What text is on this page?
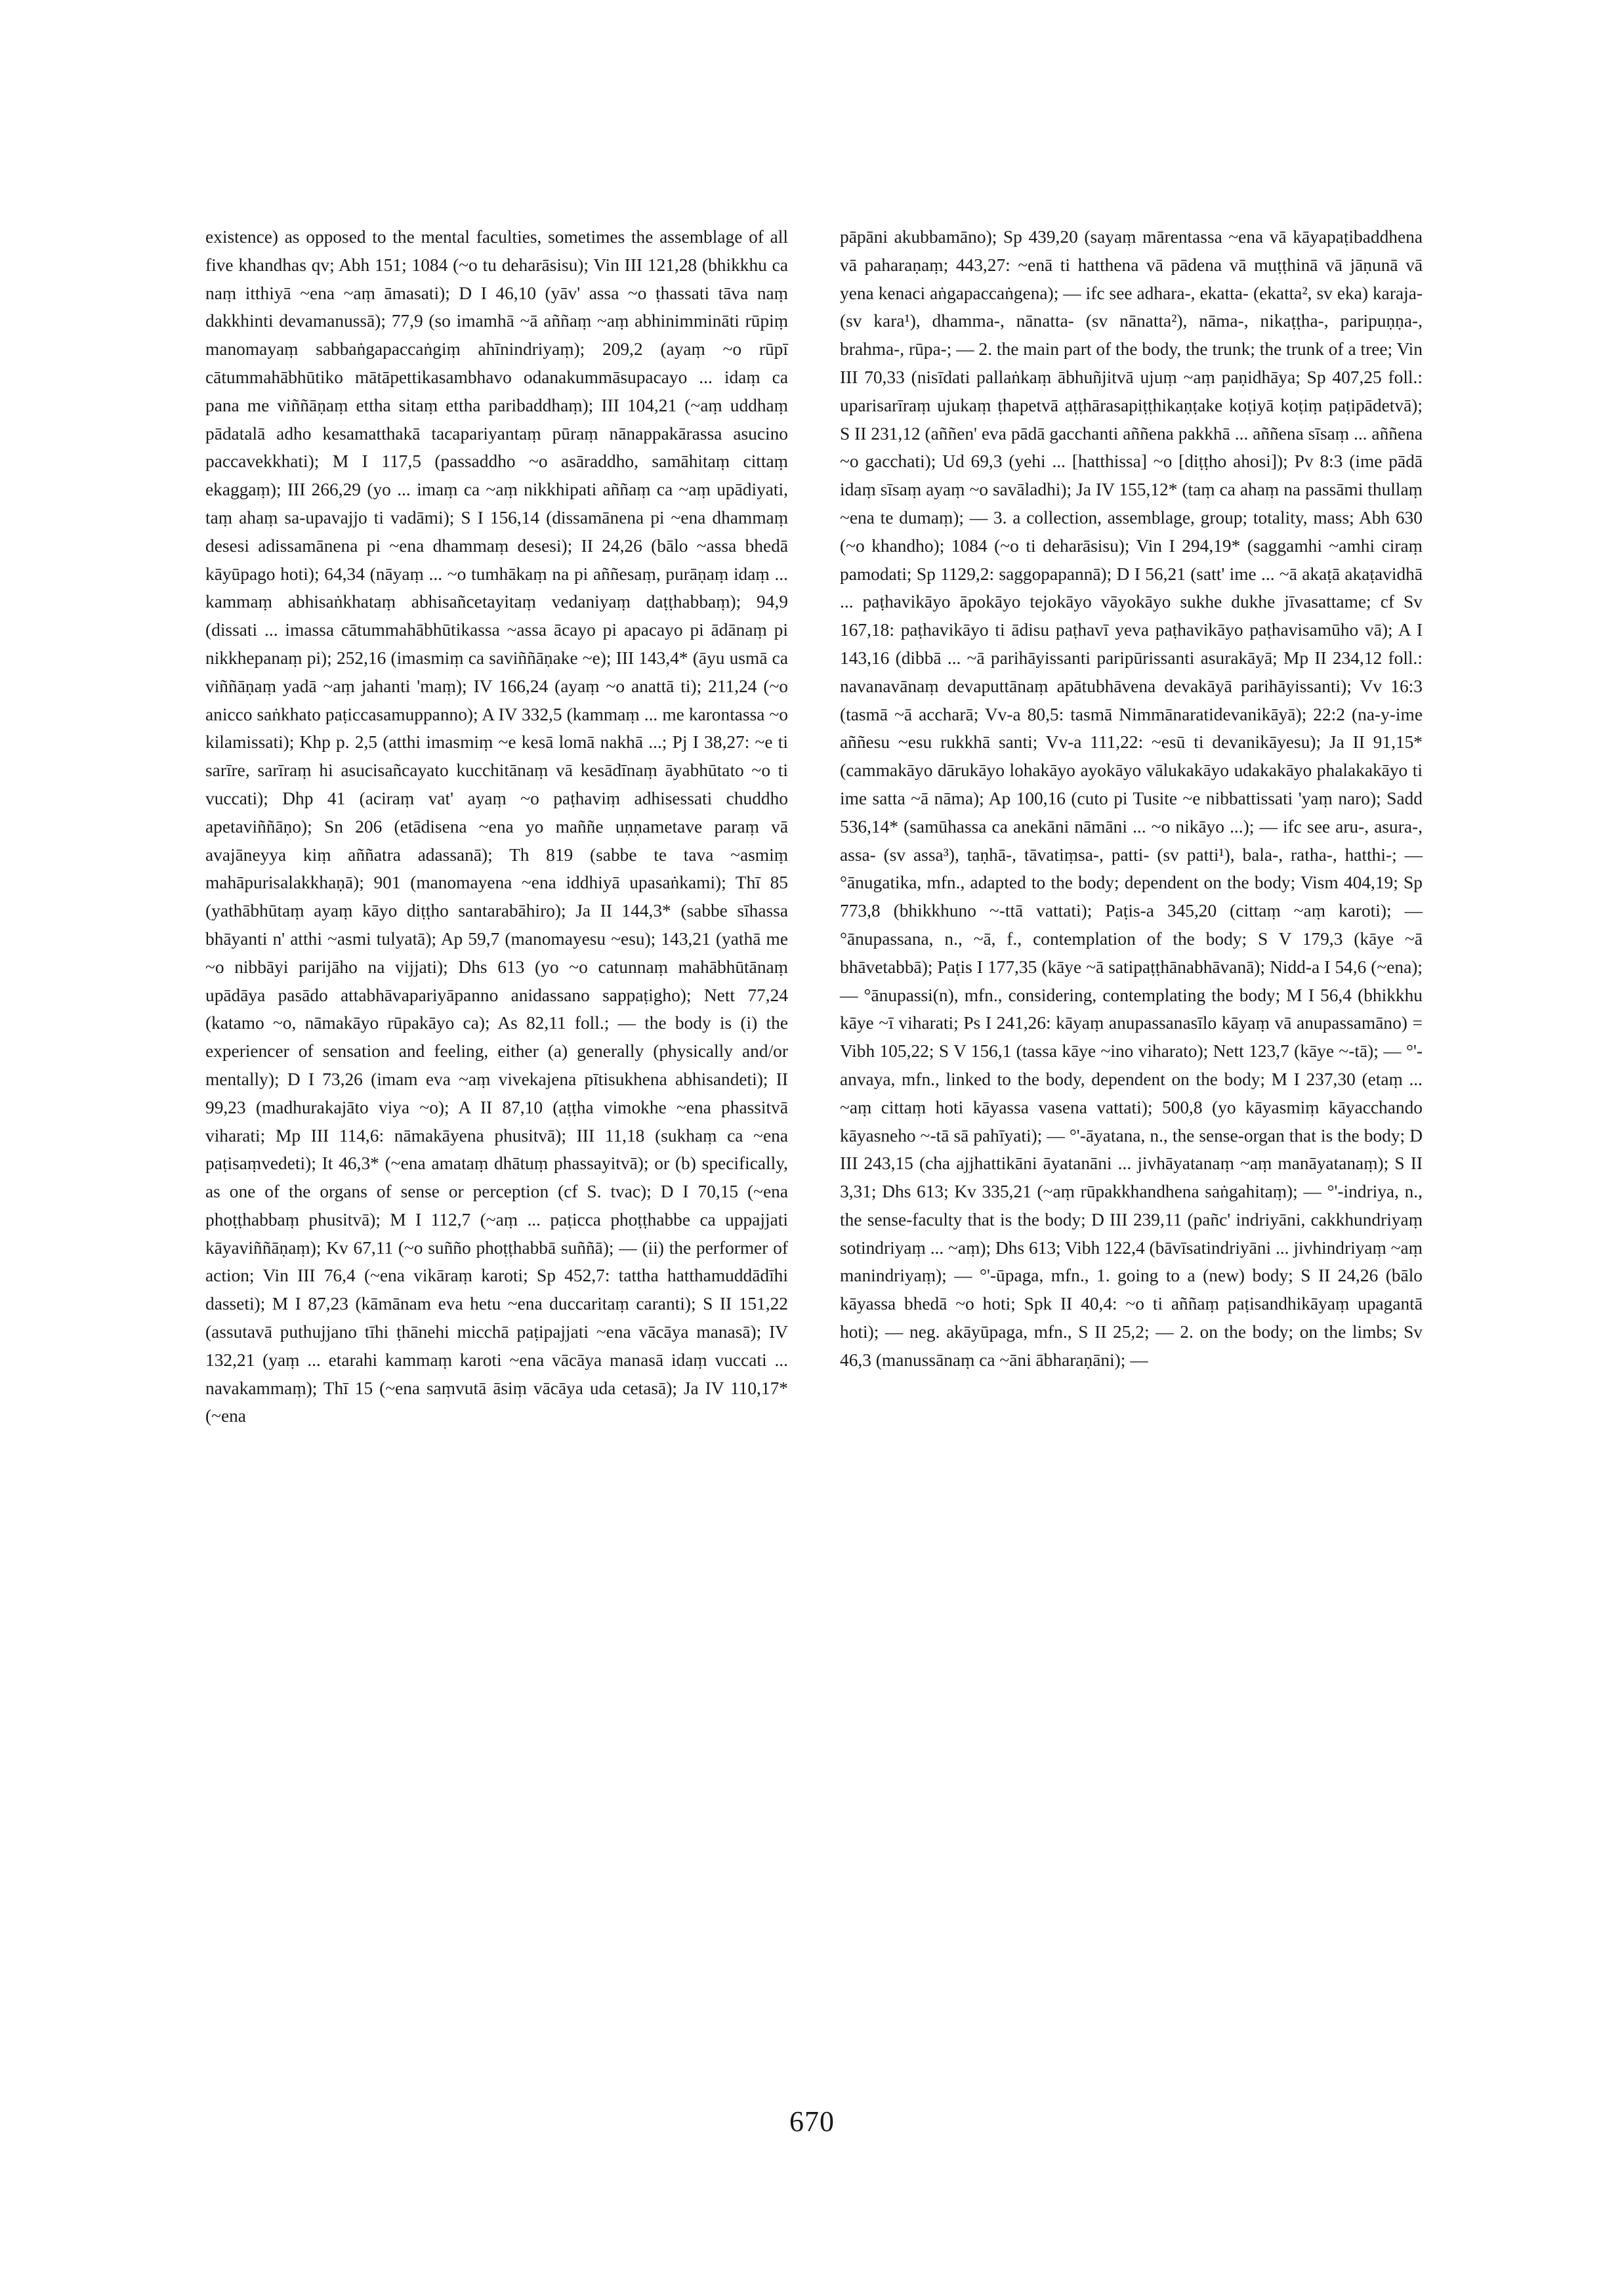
existence) as opposed to the mental faculties, sometimes the assemblage of all five khandhas qv; Abh 151; 1084 (~o tu deharāsisu); Vin III 121,28 (bhikkhu ca naṃ itthiyā ~ena ~aṃ āmasati); D I 46,10 (yāv' assa ~o ṭhassati tāva naṃ dakkhinti devamanussā); 77,9 (so imamhā ~ā aññaṃ ~aṃ abhinimmināti rūpiṃ manomayaṃ sabbaṅgapaccaṅgiṃ ahīnindriyaṃ); 209,2 (ayaṃ ~o rūpī cātummahābhūtiko mātāpettikasambhavo odanakummāsupacayo ... idaṃ ca pana me viññāṇaṃ ettha sitaṃ ettha paribaddhaṃ); III 104,21 (~aṃ uddhaṃ pādatalā adho kesamatthakā tacapariyantaṃ pūraṃ nānappakārassa asucino paccavekkhati); M I 117,5 (passaddho ~o asāraddho, samāhitaṃ cittaṃ ekaggaṃ); III 266,29 (yo ... imaṃ ca ~aṃ nikkhipati aññaṃ ca ~aṃ upādiyati, taṃ ahaṃ sa-upavajjo ti vadāmi); S I 156,14 (dissamānena pi ~ena dhammaṃ desesi adissamānena pi ~ena dhammaṃ desesi); II 24,26 (bālo ~assa bhedā kāyūpago hoti); 64,34 (nāyaṃ ... ~o tumhākaṃ na pi aññesaṃ, purāṇaṃ idaṃ ... kammaṃ abhisaṅkhataṃ abhisañcetayitaṃ vedaniyaṃ daṭṭhabbaṃ); 94,9 (dissati ... imassa cātummahābhūtikassa ~assa ācayo pi apacayo pi ādānaṃ pi nikkhepanaṃ pi); 252,16 (imasmiṃ ca saviññāṇake ~e); III 143,4* (āyu usmā ca viññāṇaṃ yadā ~aṃ jahanti 'maṃ); IV 166,24 (ayaṃ ~o anattā ti); 211,24 (~o anicco saṅkhato paṭiccasamuppanno); A IV 332,5 (kammaṃ ... me karontassa ~o kilamissati); Khp p. 2,5 (atthi imasmiṃ ~e kesā lomā nakhā ...; Pj I 38,27: ~e ti sarīre, sarīraṃ hi asucisañcayato kucchitānaṃ vā kesādīnaṃ āyabhūtato ~o ti vuccati); Dhp 41 (aciraṃ vat' ayaṃ ~o paṭhaviṃ adhisessati chuddho apetaviññāṇo); Sn 206 (etādisena ~ena yo maññe uṇṇametave paraṃ vā avajāneyya kiṃ aññatra adassanā); Th 819 (sabbe te tava ~asmiṃ mahāpurisalakkhaṇā); 901 (manomayena ~ena iddhiyā upasaṅkami); Thī 85 (yathābhūtaṃ ayaṃ kāyo diṭṭho santarabāhiro); Ja II 144,3* (sabbe sīhassa bhāyanti n' atthi ~asmi tulyatā); Ap 59,7 (manomayesu ~esu); 143,21 (yathā me ~o nibbāyi parijāho na vijjati); Dhs 613 (yo ~o catunnaṃ mahābhūtānaṃ upādāya pasādo attabhāvapariyāpanno anidassano sappaṭigho); Nett 77,24 (katamo ~o, nāmakāyo rūpakāyo ca); As 82,11 foll.; — the body is (i) the experiencer of sensation and feeling, either (a) generally (physically and/or mentally); D I 73,26 (imam eva ~aṃ vivekajena pītisukhena abhisandeti); II 99,23 (madhurakajāto viya ~o); A II 87,10 (aṭṭha vimokhe ~ena phassitvā viharati; Mp III 114,6: nāmakāyena phusitvā); III 11,18 (sukhaṃ ca ~ena paṭisaṃvedeti); It 46,3* (~ena amataṃ dhātuṃ phassayitvā); or (b) specifically, as one of the organs of sense or perception (cf S. tvac); D I 70,15 (~ena phoṭṭhabbaṃ phusitvā); M I 112,7 (~aṃ ... paṭicca phoṭṭhabbe ca uppajjati kāyaviññāṇaṃ); Kv 67,11 (~o suñño phoṭṭhabbā suññā); — (ii) the performer of action; Vin III 76,4 (~ena vikāraṃ karoti; Sp 452,7: tattha hatthamuddādīhi dasseti); M I 87,23 (kāmānam eva hetu ~ena duccaritaṃ caranti); S II 151,22 (assutavā puthujjano tīhi ṭhānehi micchā paṭipajjati ~ena vācāya manasā); IV 132,21 (yaṃ ... etarahi kammaṃ karoti ~ena vācāya manasā idaṃ vuccati ... navakammaṃ); Thī 15 (~ena saṃvutā āsiṃ vācāya uda cetasā); Ja IV 110,17* (~ena

pāpāni akubbamāno); Sp 439,20 (sayaṃ mārentassa ~ena vā kāyapaṭibaddhena vā paharaṇaṃ; 443,27: ~enā ti hatthena vā pādena vā muṭṭhinā vā jāṇunā vā yena kenaci aṅgapaccaṅgena); — ifc see adhara-, ekatta- (ekatta², sv eka) karaja- (sv kara¹), dhamma-, nānatta- (sv nānatta²), nāma-, nikaṭṭha-, paripuṇṇa-, brahma-, rūpa-; — 2. the main part of the body, the trunk; the trunk of a tree; Vin III 70,33 (nisīdati pallaṅkaṃ ābhuñjitvā ujuṃ ~aṃ paṇidhāya; Sp 407,25 foll.: uparisarīraṃ ujukaṃ ṭhapetvā aṭṭhārasapiṭṭhikaṇṭake koṭiyā koṭiṃ paṭipādetvā); S II 231,12 (aññen' eva pādā gacchanti aññena pakkhā ... aññena sīsaṃ ... aññena ~o gacchati); Ud 69,3 (yehi ... [hatthissa] ~o [diṭṭho ahosi]); Pv 8:3 (ime pādā idaṃ sīsaṃ ayaṃ ~o savāladhi); Ja IV 155,12* (taṃ ca ahaṃ na passāmi thullaṃ ~ena te dumaṃ); — 3. a collection, assemblage, group; totality, mass; Abh 630 (~o khandho); 1084 (~o ti deharāsisu); Vin I 294,19* (saggamhi ~amhi ciraṃ pamodati; Sp 1129,2: saggopapannā); D I 56,21 (satt' ime ... ~ā akaṭā akaṭavidhā ... paṭhavikāyo āpokāyo tejokāyo vāyokāyo sukhe dukhe jīvasattame; cf Sv 167,18: paṭhavikāyo ti ādisu paṭhavī yeva paṭhavikāyo paṭhavisamūho vā); A I 143,16 (dibbā ... ~ā parihāyissanti paripūrissanti asurakāyā; Mp II 234,12 foll.: navanavānaṃ devaputtānaṃ apātubhāvena devakāyā parihāyissanti); Vv 16:3 (tasmā ~ā accharā; Vv-a 80,5: tasmā Nimmānaratidevanikāyā); 22:2 (na-y-ime aññesu ~esu rukkhā santi; Vv-a 111,22: ~esū ti devanikāyesu); Ja II 91,15* (cammakāyo dārukāyo lohakāyo ayokāyo vālukakāyo udakakāyo phalakakāyo ti ime satta ~ā nāma); Ap 100,16 (cuto pi Tusite ~e nibbattissati 'yaṃ naro); Sadd 536,14* (samūhassa ca anekāni nāmāni ... ~o nikāyo ...); — ifc see aru-, asura-, assa- (sv assa³), taṇhā-, tāvatiṃsa-, patti- (sv patti¹), bala-, ratha-, hatthi-; — °ānugatika, mfn., adapted to the body; dependent on the body; Vism 404,19; Sp 773,8 (bhikkhuno ~-ttā vattati); Paṭis-a 345,20 (cittaṃ ~aṃ karoti); — °ānupassana, n., ~ā, f., contemplation of the body; S V 179,3 (kāye ~ā bhāvetabbā); Paṭis I 177,35 (kāye ~ā satipaṭṭhānabhāvanā); Nidd-a I 54,6 (~ena); — °ānupassi(n), mfn., considering, contemplating the body; M I 56,4 (bhikkhu kāye ~ī viharati; Ps I 241,26: kāyaṃ anupassanasīlo kāyaṃ vā anupassamāno) = Vibh 105,22; S V 156,1 (tassa kāye ~ino viharato); Nett 123,7 (kāye ~-tā); — °'-anvaya, mfn., linked to the body, dependent on the body; M I 237,30 (etaṃ ... ~aṃ cittaṃ hoti kāyassa vasena vattati); 500,8 (yo kāyasmiṃ kāyacchando kāyasneho ~-tā sā pahīyati); — °'-āyatana, n., the sense-organ that is the body; D III 243,15 (cha ajjhattikāni āyatanāni ... jivhāyatanaṃ ~aṃ manāyatanaṃ); S II 3,31; Dhs 613; Kv 335,21 (~aṃ rūpakkhandhena saṅgahitaṃ); — °'-indriya, n., the sense-faculty that is the body; D III 239,11 (pañc' indriyāni, cakkhundriyaṃ sotindriyaṃ ... ~aṃ); Dhs 613; Vibh 122,4 (bāvīsatindriyāni ... jivhindriyaṃ ~aṃ manindriyaṃ); — °'-ūpaga, mfn., 1. going to a (new) body; S II 24,26 (bālo kāyassa bhedā ~o hoti; Spk II 40,4: ~o ti aññaṃ paṭisandhikāyaṃ upagantā hoti); — neg. akāyūpaga, mfn., S II 25,2; — 2. on the body; on the limbs; Sv 46,3 (manussānaṃ ca ~āni ābharaṇāni); —

670
